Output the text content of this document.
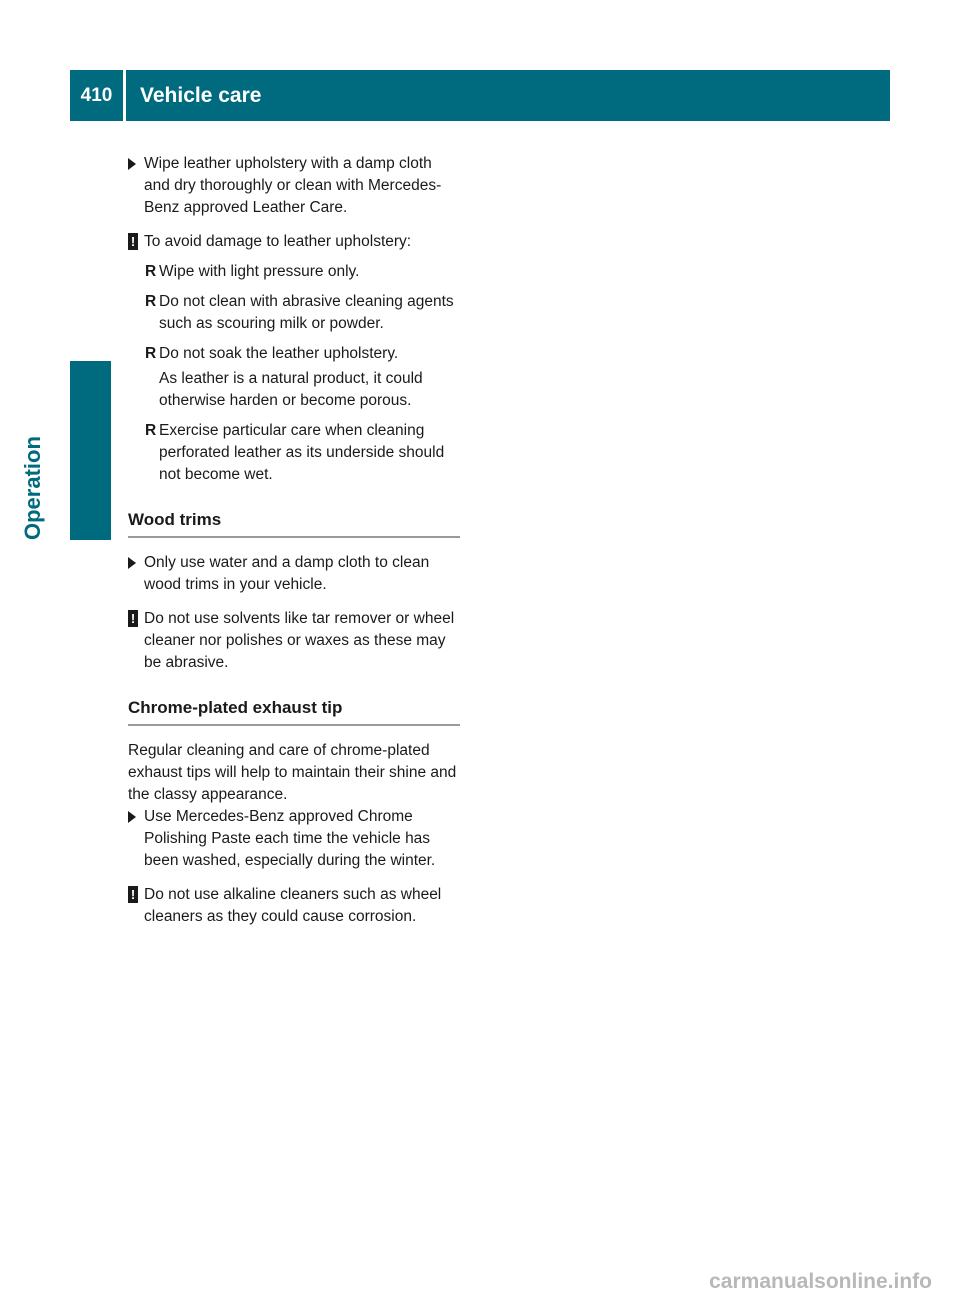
410	Vehicle care
Operation

Wipe leather upholstery with a damp cloth and dry thoroughly or clean with Mercedes-Benz approved Leather Care.

! To avoid damage to leather upholstery:

R Wipe with light pressure only.

R Do not clean with abrasive cleaning agents such as scouring milk or powder.

R Do not soak the leather upholstery.

As leather is a natural product, it could otherwise harden or become porous.

R Exercise particular care when cleaning perforated leather as its underside should not become wet.

Wood trims

Only use water and a damp cloth to clean wood trims in your vehicle.

! Do not use solvents like tar remover or wheel cleaner nor polishes or waxes as these may be abrasive.

Chrome-plated exhaust tip

Regular cleaning and care of chrome-plated exhaust tips will help to maintain their shine and the classy appearance.

Use Mercedes-Benz approved Chrome Polishing Paste each time the vehicle has been washed, especially during the winter.

! Do not use alkaline cleaners such as wheel cleaners as they could cause corrosion.

carmanualsonline.info
